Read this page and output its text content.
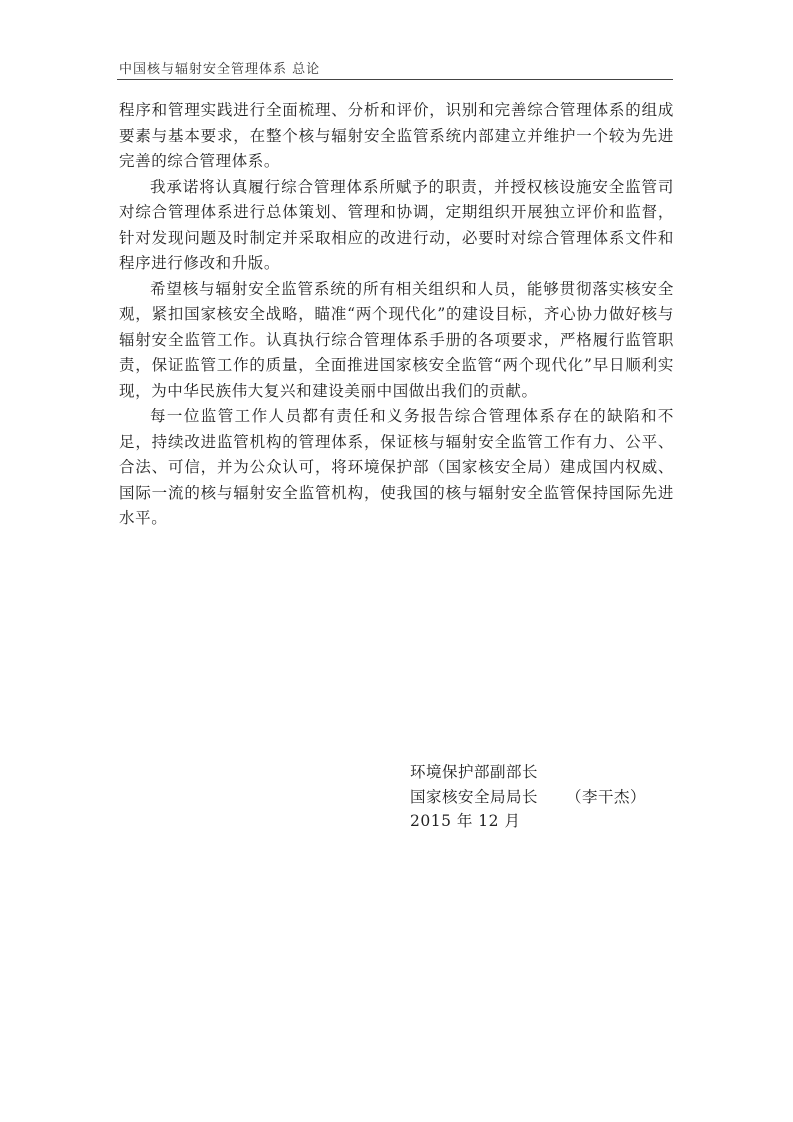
中国核与辐射安全管理体系 总论

程序和管理实践进行全面梳理、分析和评价，识别和完善综合管理体系的组成要素与基本要求，在整个核与辐射安全监管系统内部建立并维护一个较为先进完善的综合管理体系。

我承诺将认真履行综合管理体系所赋予的职责，并授权核设施安全监管司对综合管理体系进行总体策划、管理和协调，定期组织开展独立评价和监督，针对发现问题及时制定并采取相应的改进行动，必要时对综合管理体系文件和程序进行修改和升版。

希望核与辐射安全监管系统的所有相关组织和人员，能够贯彻落实核安全观，紧扣国家核安全战略，瞄准“两个现代化”的建设目标，齐心协力做好核与辐射安全监管工作。认真执行综合管理体系手册的各项要求，严格履行监管职责，保证监管工作的质量，全面推进国家核安全监管“两个现代化”早日顺利实现，为中华民族伟大复兴和建设美丽中国做出我们的贡献。

每一位监管工作人员都有责任和义务报告综合管理体系存在的缺陷和不足，持续改进监管机构的管理体系，保证核与辐射安全监管工作有力、公平、合法、可信，并为公众认可，将环境保护部（国家核安全局）建成国内权威、国际一流的核与辐射安全监管机构，使我国的核与辐射安全监管保持国际先进水平。

环境保护部副部长
国家核安全局局长 （李干杰）
2015 年 12 月
